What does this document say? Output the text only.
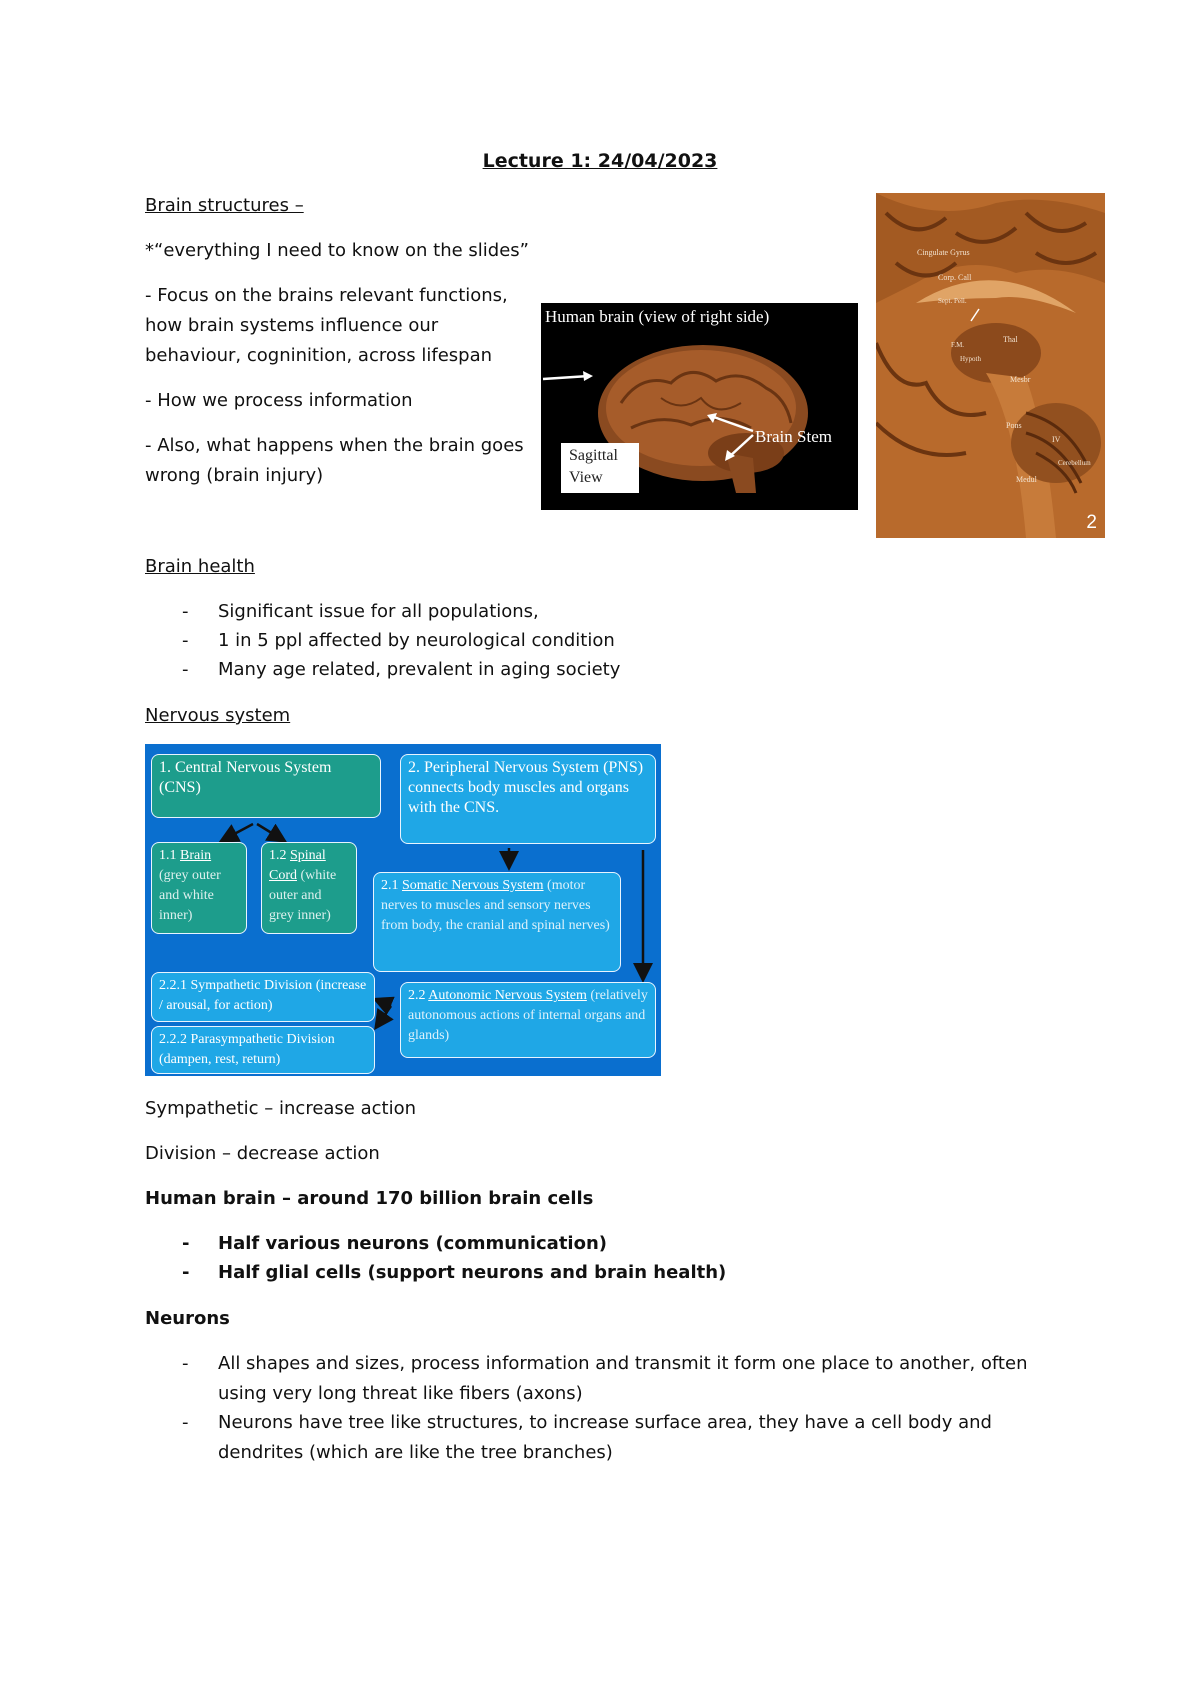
Lecture 1: 24/04/2023
Brain structures –
*“everything I need to know on the slides”
- Focus on the brains relevant functions,
how brain systems influence our
behaviour, cogninition, across lifespan
- How we process information
- Also, what happens when the brain goes
wrong (brain injury)
Human brain (view of right side)
Brain Stem
Sagittal
View
Cingulate Gyrus
Corp. Call
Sept. Pell.
Thal
F.M.
Hypoth
Mesbr
Pons
IV
Cerebellum
Medul
2
Brain health
- Significant issue for all populations,
- 1 in 5 ppl affected by neurological condition
- Many age related, prevalent in aging society
Nervous system
1. Central Nervous System (CNS)
2. Peripheral Nervous System (PNS) connects body muscles and organs with the CNS.
1.1 Brain (grey outer and white inner)
1.2 Spinal Cord (white outer and grey inner)
2.1 Somatic Nervous System (motor nerves to muscles and sensory nerves from body, the cranial and spinal nerves)
2.2.1 Sympathetic Division (increase / arousal, for action)
2.2.2 Parasympathetic Division (dampen, rest, return)
2.2 Autonomic Nervous System (relatively autonomous actions of internal organs and glands)
Sympathetic – increase action
Division – decrease action
Human brain – around 170 billion brain cells
- Half various neurons (communication)
- Half glial cells (support neurons and brain health)
Neurons
- All shapes and sizes, process information and transmit it form one place to another, often
using very long threat like fibers (axons)
- Neurons have tree like structures, to increase surface area, they have a cell body and
dendrites (which are like the tree branches)
